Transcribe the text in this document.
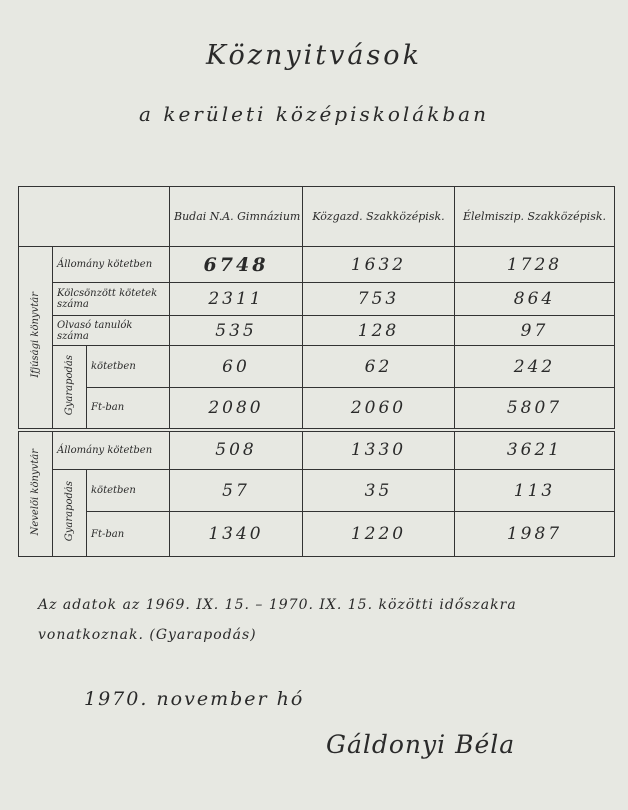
Köznyitvások
a kerületi középiskolákban
			Budai N.A. Gimnázium	Közgazd. Szakközépisk.	Élelmiszip. Szakközépisk.
Ifjúsági könyvtár	Állomány kötetben		6748	1632	1728
	Kölcsönzött kötetek száma		2311	753	864
	Olvasó tanulók száma		535	128	97
	Gyarapodás	kötetben	60	62	242
		Ft-ban	2080	2060	5807
Nevelői könyvtár	Állomány kötetben		508	1330	3621
	Gyarapodás	kötetben	57	35	113
		Ft-ban	1340	1220	1987
Az adatok az 1969. IX. 15. – 1970. IX. 15. közötti időszakra vonatkoznak. (Gyarapodás)
1970. november hó
Gáldonyi Béla
